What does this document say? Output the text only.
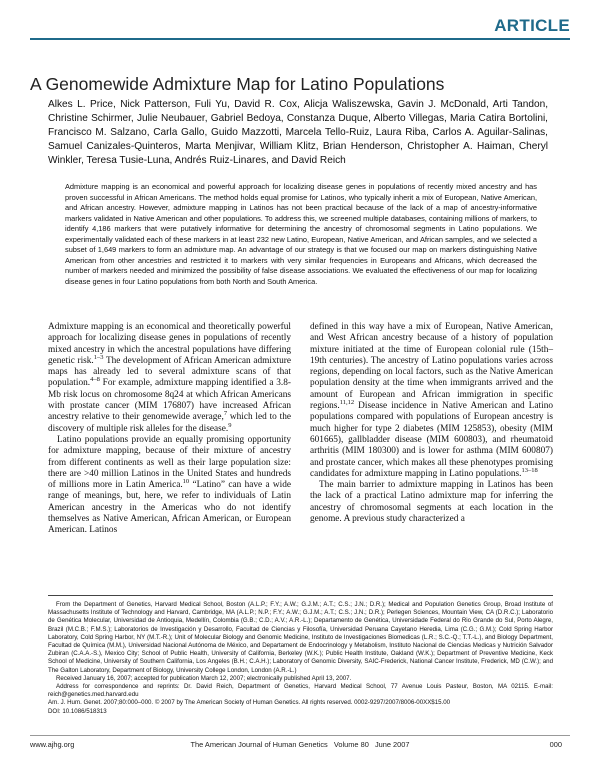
ARTICLE
A Genomewide Admixture Map for Latino Populations

Alkes L. Price, Nick Patterson, Fuli Yu, David R. Cox, Alicja Waliszewska, Gavin J. McDonald, Arti Tandon, Christine Schirmer, Julie Neubauer, Gabriel Bedoya, Constanza Duque, Alberto Villegas, Maria Catira Bortolini, Francisco M. Salzano, Carla Gallo, Guido Mazzotti, Marcela Tello-Ruiz, Laura Riba, Carlos A. Aguilar-Salinas, Samuel Canizales-Quinteros, Marta Menjivar, William Klitz, Brian Henderson, Christopher A. Haiman, Cheryl Winkler, Teresa Tusie-Luna, Andrés Ruiz-Linares, and David Reich

Admixture mapping is an economical and powerful approach for localizing disease genes in populations of recently mixed ancestry and has proven successful in African Americans. The method holds equal promise for Latinos, who typically inherit a mix of European, Native American, and African ancestry. However, admixture mapping in Latinos has not been practical because of the lack of a map of ancestry-informative markers validated in Native American and other populations. To address this, we screened multiple databases, containing millions of markers, to identify 4,186 markers that were putatively informative for determining the ancestry of chromosomal segments in Latino populations. We experimentally validated each of these markers in at least 232 new Latino, European, Native American, and African samples, and we selected a subset of 1,649 markers to form an admixture map. An advantage of our strategy is that we focused our map on markers distinguishing Native American from other ancestries and restricted it to markers with very similar frequencies in Europeans and Africans, which decreased the number of markers needed and minimized the possibility of false disease associations. We evaluated the effectiveness of our map for localizing disease genes in four Latino populations from both North and South America.

Admixture mapping is an economical and theoretically powerful approach for localizing disease genes in populations of recently mixed ancestry in which the ancestral populations have differing genetic risk.$^{1-3}$ The development of African American admixture maps has already led to several admixture scans of that population.$^{4-8}$ For example, admixture mapping identified a 3.8-Mb risk locus on chromosome 8q24 at which African Americans with prostate cancer (MIM 176807) have increased African ancestry relative to their genomewide average,$^7$ which led to the discovery of multiple risk alleles for the disease.$^9$

Latino populations provide an equally promising opportunity for admixture mapping, because of their mixture of ancestry from different continents as well as their large population size: there are >40 million Latinos in the United States and hundreds of millions more in Latin America.$^{10}$ “Latino” can have a wide range of meanings, but, here, we refer to individuals of Latin American ancestry in the Americas who do not identify themselves as Native American, African American, or European American. Latinos

defined in this way have a mix of European, Native American, and West African ancestry because of a history of population mixture initiated at the time of European colonial rule (15th–19th centuries). The ancestry of Latino populations varies across regions, depending on local factors, such as the Native American population density at the time when immigrants arrived and the amount of European and African immigration in specific regions.$^{11,12}$ Disease incidence in Native American and Latino populations compared with populations of European ancestry is much higher for type 2 diabetes (MIM 125853), obesity (MIM 601665), gallbladder disease (MIM 600803), and rheumatoid arthritis (MIM 180300) and is lower for asthma (MIM 600807) and prostate cancer, which makes all these phenotypes promising candidates for admixture mapping in Latino populations.$^{13-18}$

The main barrier to admixture mapping in Latinos has been the lack of a practical Latino admixture map for inferring the ancestry of chromosomal segments at each location in the genome. A previous study characterized a

From the Department of Genetics, Harvard Medical School, Boston (A.L.P.; F.Y.; A.W.; G.J.M.; A.T.; C.S.; J.N.; D.R.); Medical and Population Genetics Group, Broad Institute of Massachusetts Institute of Technology and Harvard, Cambridge, MA (A.L.P.; N.P.; F.Y.; A.W.; G.J.M.; A.T.; C.S.; J.N.; D.R.); Perlegen Sciences, Mountain View, CA (D.R.C.); Laboratorio de Genética Molecular, Universidad de Antioquia, Medellín, Colombia (G.B.; C.D.; A.V.; A.R.-L.); Departamento de Genética, Universidade Federal do Rio Grande do Sul, Porto Alegre, Brazil (M.C.B.; F.M.S.); Laboratorios de Investigación y Desarrollo, Facultad de Ciencias y Filosofía, Universidad Peruana Cayetano Heredia, Lima (C.G.; G.M.); Cold Spring Harbor Laboratory, Cold Spring Harbor, NY (M.T.-R.); Unit of Molecular Biology and Genomic Medicine, Instituto de Investigaciones Biomedicas (L.R.; S.C.-Q.; T.T.-L.), and Biology Department, Facultad de Química (M.M.), Universidad Nacional Autónoma de México, and Departament de Endocrinology y Metabolism, Instituto Nacional de Ciencias Medicas y Nutrición Salvador Zubiran (C.A.A.-S.), Mexico City; School of Public Health, University of California, Berkeley (W.K.); Public Health Institute, Oakland (W.K.); Department of Preventive Medicine, Keck School of Medicine, University of Southern California, Los Angeles (B.H.; C.A.H.); Laboratory of Genomic Diversity, SAIC-Frederick, National Cancer Institute, Frederick, MD (C.W.); and The Galton Laboratory, Department of Biology, University College London, London (A.R.-L.)

Received January 16, 2007; accepted for publication March 12, 2007; electronically published April 13, 2007.

Address for correspondence and reprints: Dr. David Reich, Department of Genetics, Harvard Medical School, 77 Avenue Louis Pasteur, Boston, MA 02115. E-mail: reich@genetics.med.harvard.edu

Am. J. Hum. Genet. 2007;80:000–000. © 2007 by The American Society of Human Genetics. All rights reserved. 0002-9297/2007/8006-00XX$15.00

DOI: 10.1086/518313

www.ajhg.org	The American Journal of Human Genetics   Volume 80   June 2007	000
